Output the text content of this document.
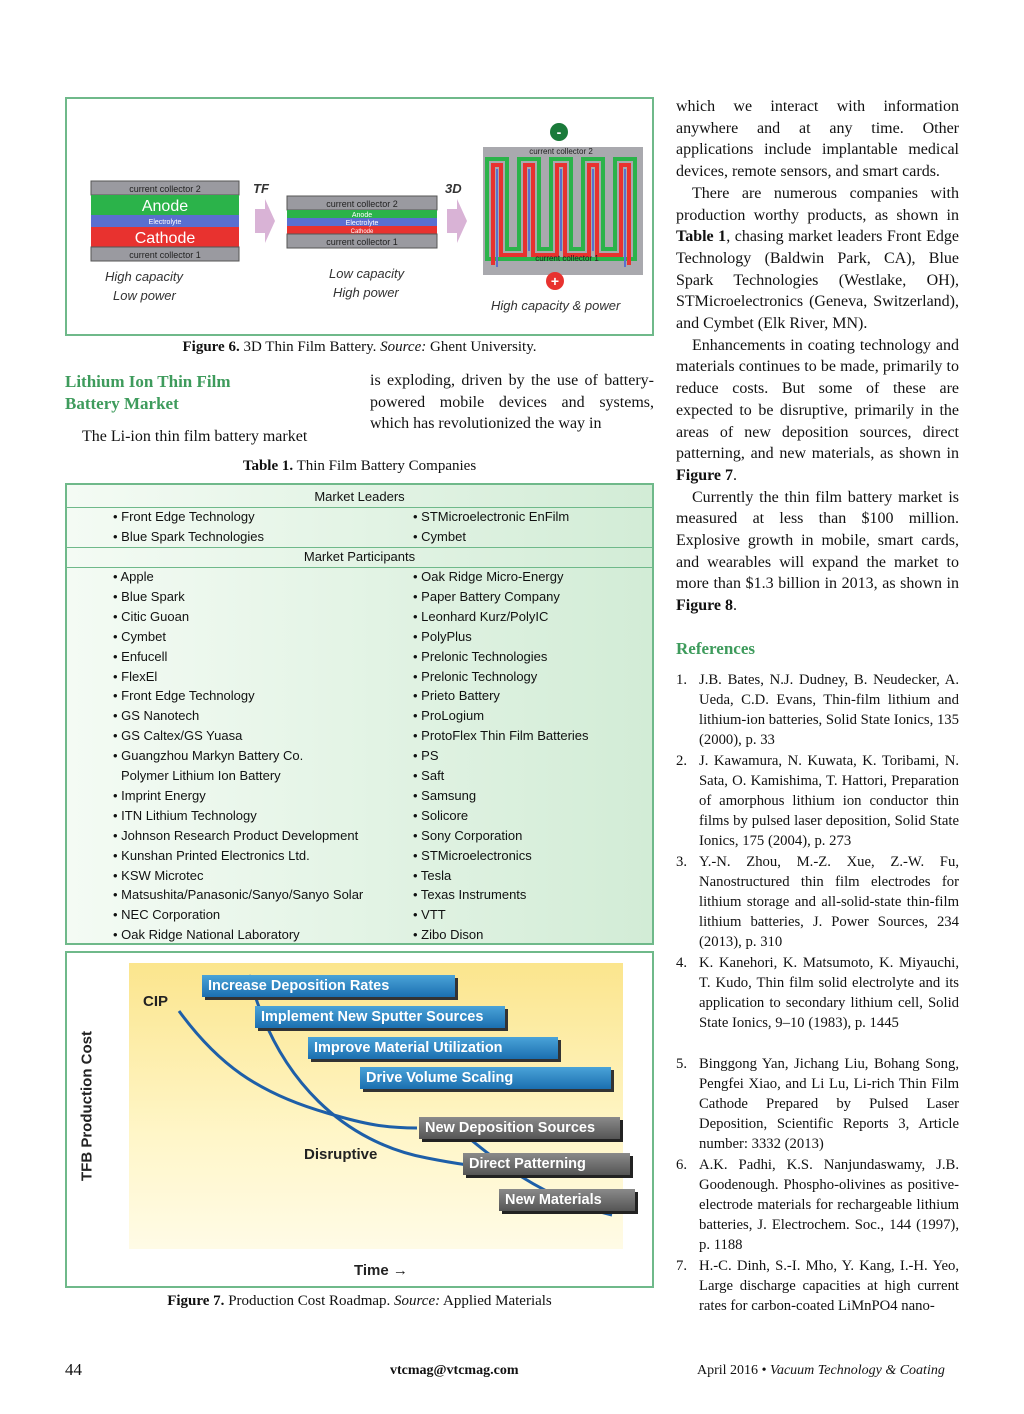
current collector 2
Anode
Electrolyte
Cathode
current collector 1
High capacity
Low power
TF
current collector 2
Anode
Electrolyte
Cathode
current collector 1
Low capacity
High power
3D
current collector 2
current collector 1
-
+
High capacity & power
Figure 6. 3D Thin Film Battery. Source: Ghent University.
Lithium Ion Thin Film
Battery Market
The Li-ion thin film battery market
is exploding, driven by the use of battery-powered mobile devices and systems, which has revolutionized the way in
Table 1. Thin Film Battery Companies
Market Leaders
• Front Edge Technology	• STMicroelectronic EnFilm
• Blue Spark Technologies	• Cymbet
Market Participants
• Apple	• Oak Ridge Micro-Energy
• Blue Spark	• Paper Battery Company
• Citic Guoan	• Leonhard Kurz/PolyIC
• Cymbet	• PolyPlus
• Enfucell	• Prelonic Technologies
• FlexEl	• Prelonic Technology
• Front Edge Technology	• Prieto Battery
• GS Nanotech	• ProLogium
• GS Caltex/GS Yuasa	• ProtoFlex Thin Film Batteries
• Guangzhou Markyn Battery Co.	• PS
Polymer Lithium Ion Battery	• Saft
• Imprint Energy	• Samsung
• ITN Lithium Technology	• Solicore
• Johnson Research Product Development	• Sony Corporation
• Kunshan Printed Electronics Ltd.	• STMicroelectronics
• KSW Microtec	• Tesla
• Matsushita/Panasonic/Sanyo/Sanyo Solar	• Texas Instruments
• NEC Corporation	• VTT
• Oak Ridge National Laboratory	• Zibo Dison
TFB Production Cost
CIP
Disruptive
Time →
Increase Deposition Rates
Implement New Sputter Sources
Improve Material Utilization
Drive Volume Scaling
New Deposition Sources
Direct Patterning
New Materials
Figure 7. Production Cost Roadmap. Source: Applied Materials
which we interact with information anywhere and at any time. Other applications include implantable medical devices, remote sensors, and smart cards.
There are numerous companies with production worthy products, as shown in Table 1, chasing market leaders Front Edge Technology (Baldwin Park, CA), Blue Spark Technologies (Westlake, OH), STMicroelectronics (Geneva, Switzerland), and Cymbet (Elk River, MN).
Enhancements in coating technology and materials continues to be made, primarily to reduce costs. But some of these are expected to be disruptive, primarily in the areas of new deposition sources, direct patterning, and new materials, as shown in Figure 7.
Currently the thin film battery market is measured at less than $100 million. Explosive growth in mobile, smart cards, and wearables will expand the market to more than $1.3 billion in 2013, as shown in Figure 8.
References
1. J.B. Bates, N.J. Dudney, B. Neudecker, A. Ueda, C.D. Evans, Thin-film lithium and lithium-ion batteries, Solid State Ionics, 135 (2000), p. 33
2. J. Kawamura, N. Kuwata, K. Toribami, N. Sata, O. Kamishima, T. Hattori, Preparation of amorphous lithium ion conductor thin films by pulsed laser deposition, Solid State Ionics, 175 (2004), p. 273
3. Y.-N. Zhou, M.-Z. Xue, Z.-W. Fu, Nanostructured thin film electrodes for lithium storage and all-solid-state thin-film lithium batteries, J. Power Sources, 234 (2013), p. 310
4. K. Kanehori, K. Matsumoto, K. Miyauchi, T. Kudo, Thin film solid electrolyte and its application to secondary lithium cell, Solid State Ionics, 9–10 (1983), p. 1445
5. Binggong Yan, Jichang Liu, Bohang Song, Pengfei Xiao, and Li Lu, Li-rich Thin Film Cathode Prepared by Pulsed Laser Deposition, Scientific Reports 3, Article number: 3332 (2013)
6. A.K. Padhi, K.S. Nanjundaswamy, J.B. Goodenough. Phospho-olivines as positive-electrode materials for rechargeable lithium batteries, J. Electrochem. Soc., 144 (1997), p. 1188
7. H.-C. Dinh, S.-I. Mho, Y. Kang, I.-H. Yeo, Large discharge capacities at high current rates for carbon-coated LiMnPO4 nano-
44	vtcmag@vtcmag.com	April 2016 • Vacuum Technology & Coating
